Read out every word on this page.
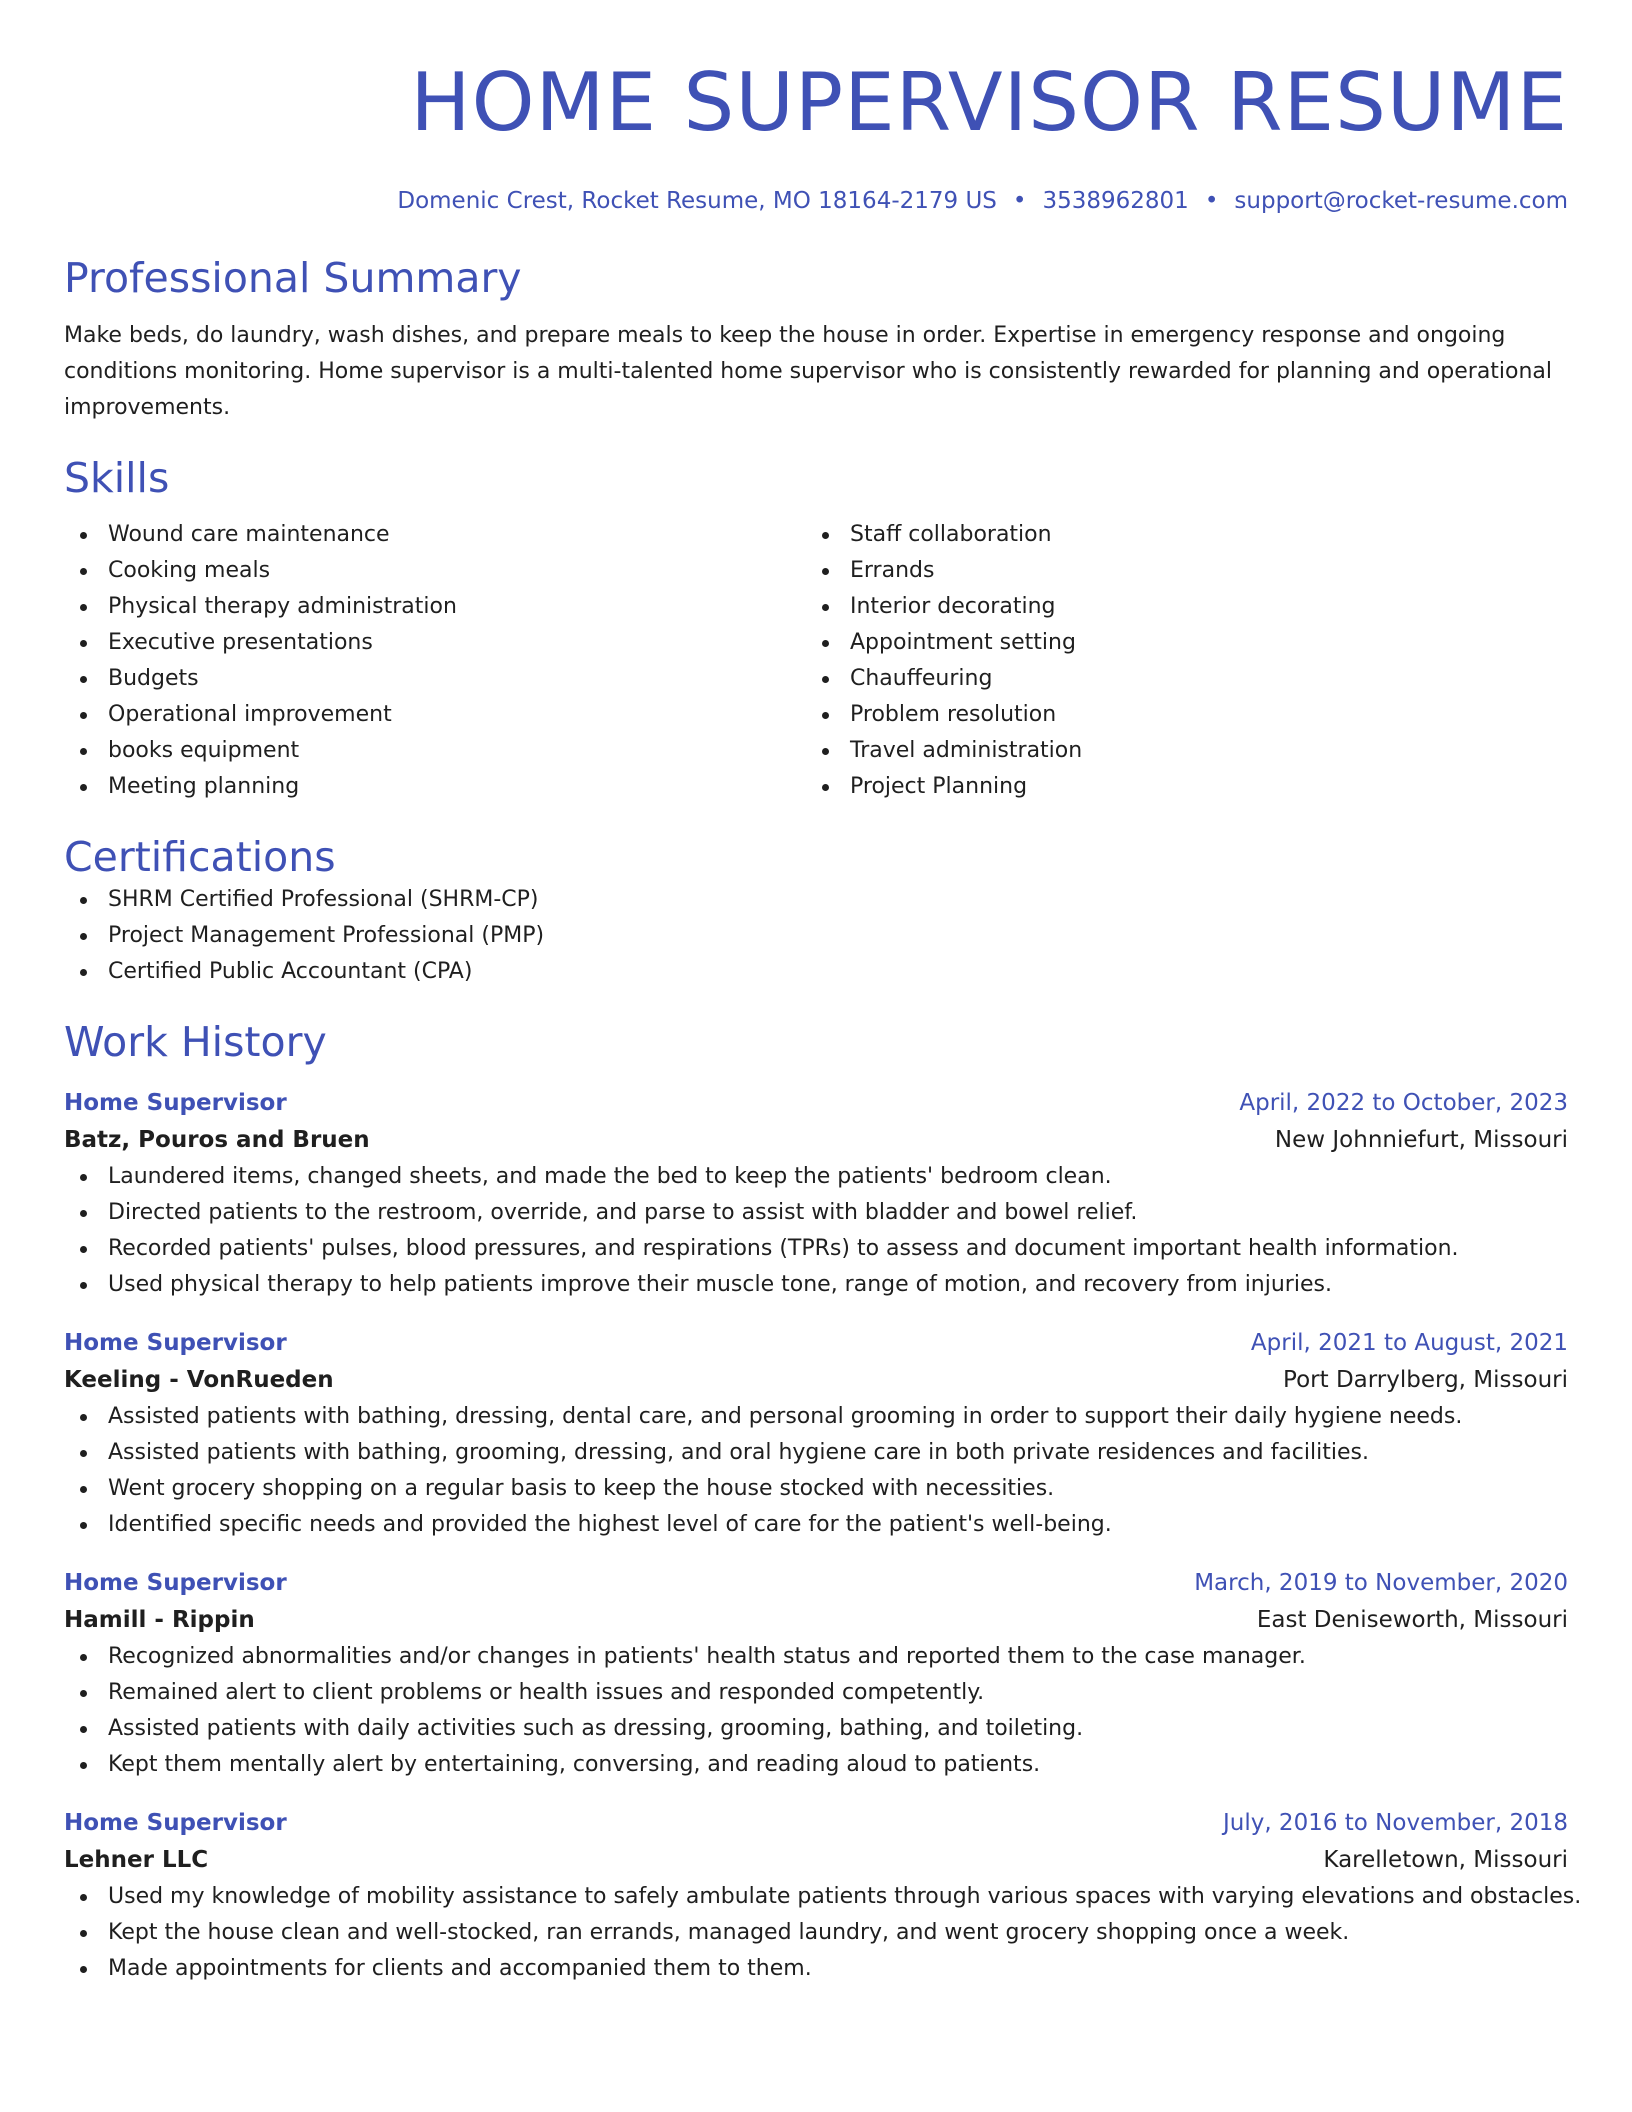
HOME SUPERVISOR RESUME
Domenic Crest, Rocket Resume, MO 18164-2179 US • 3538962801 • support@rocket-resume.com
Professional Summary
Make beds, do laundry, wash dishes, and prepare meals to keep the house in order. Expertise in emergency response and ongoing conditions monitoring. Home supervisor is a multi-talented home supervisor who is consistently rewarded for planning and operational improvements.
Skills
Wound care maintenance
Cooking meals
Physical therapy administration
Executive presentations
Budgets
Operational improvement
books equipment
Meeting planning
Staff collaboration
Errands
Interior decorating
Appointment setting
Chauffeuring
Problem resolution
Travel administration
Project Planning
Certifications
SHRM Certified Professional (SHRM-CP)
Project Management Professional (PMP)
Certified Public Accountant (CPA)
Work History
Home Supervisor	April, 2022 to October, 2023
Batz, Pouros and Bruen	New Johnniefurt, Missouri
Laundered items, changed sheets, and made the bed to keep the patients' bedroom clean.
Directed patients to the restroom, override, and parse to assist with bladder and bowel relief.
Recorded patients' pulses, blood pressures, and respirations (TPRs) to assess and document important health information.
Used physical therapy to help patients improve their muscle tone, range of motion, and recovery from injuries.
Home Supervisor	April, 2021 to August, 2021
Keeling - VonRueden	Port Darrylberg, Missouri
Assisted patients with bathing, dressing, dental care, and personal grooming in order to support their daily hygiene needs.
Assisted patients with bathing, grooming, dressing, and oral hygiene care in both private residences and facilities.
Went grocery shopping on a regular basis to keep the house stocked with necessities.
Identified specific needs and provided the highest level of care for the patient's well-being.
Home Supervisor	March, 2019 to November, 2020
Hamill - Rippin	East Deniseworth, Missouri
Recognized abnormalities and/or changes in patients' health status and reported them to the case manager.
Remained alert to client problems or health issues and responded competently.
Assisted patients with daily activities such as dressing, grooming, bathing, and toileting.
Kept them mentally alert by entertaining, conversing, and reading aloud to patients.
Home Supervisor	July, 2016 to November, 2018
Lehner LLC	Karelletown, Missouri
Used my knowledge of mobility assistance to safely ambulate patients through various spaces with varying elevations and obstacles.
Kept the house clean and well-stocked, ran errands, managed laundry, and went grocery shopping once a week.
Made appointments for clients and accompanied them to them.
